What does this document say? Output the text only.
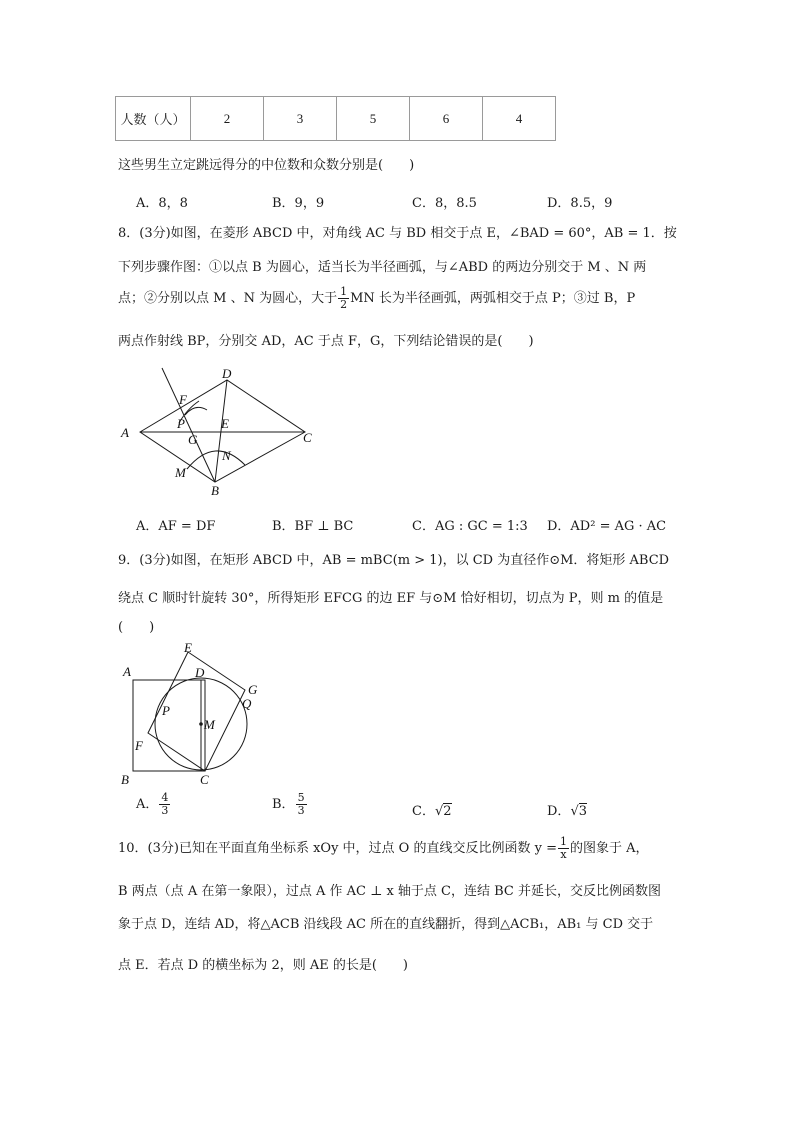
人数（人）	2	3	5	6	4
这些男生立定跳远得分的中位数和众数分别是(　　)
A．8，8	B．9，9	C．8，8.5	D．8.5，9
8．(3分)如图，在菱形 ABCD 中，对角线 AC 与 BD 相交于点 E，∠BAD = 60°，AB = 1．按
下列步骤作图：①以点 B 为圆心，适当长为半径画弧，与∠ABD 的两边分别交于 M 、N 两
点；②分别以点 M 、N 为圆心，大于 $\frac{1}{2}$ MN 长为半径画弧，两弧相交于点 P；③过 B，P
两点作射线 BP，分别交 AD，AC 于点 F，G，下列结论错误的是(　　)
A
B
C
D
E
F
P
G
M
N
A．AF = DF	B．BF ⊥ BC	C．AG : GC = 1:3 D．AD² = AG · AC
9．(3分)如图，在矩形 ABCD 中，AB = mBC(m > 1)，以 CD 为直径作⊙M．将矩形 ABCD
绕点 C 顺时针旋转 30°，所得矩形 EFCG 的边 EF 与⊙M 恰好相切，切点为 P，则 m 的值是
(　　)
A
B	C
D
E
F
G
M
P	Q
A． $\frac{4}{3}$	B． $\frac{5}{3}$	C．√2	D．√3
10．(3分)已知在平面直角坐标系 xOy 中，过点 O 的直线交反比例函数 $y = \frac{1}{x}$ 的图象于 A，
B 两点（点 A 在第一象限），过点 A 作 AC ⊥ x 轴于点 C，连结 BC 并延长，交反比例函数图
象于点 D，连结 AD，将△ACB 沿线段 AC 所在的直线翻折，得到△ACB₁，AB₁ 与 CD 交于
点 E．若点 D 的横坐标为 2，则 AE 的长是(　　)
